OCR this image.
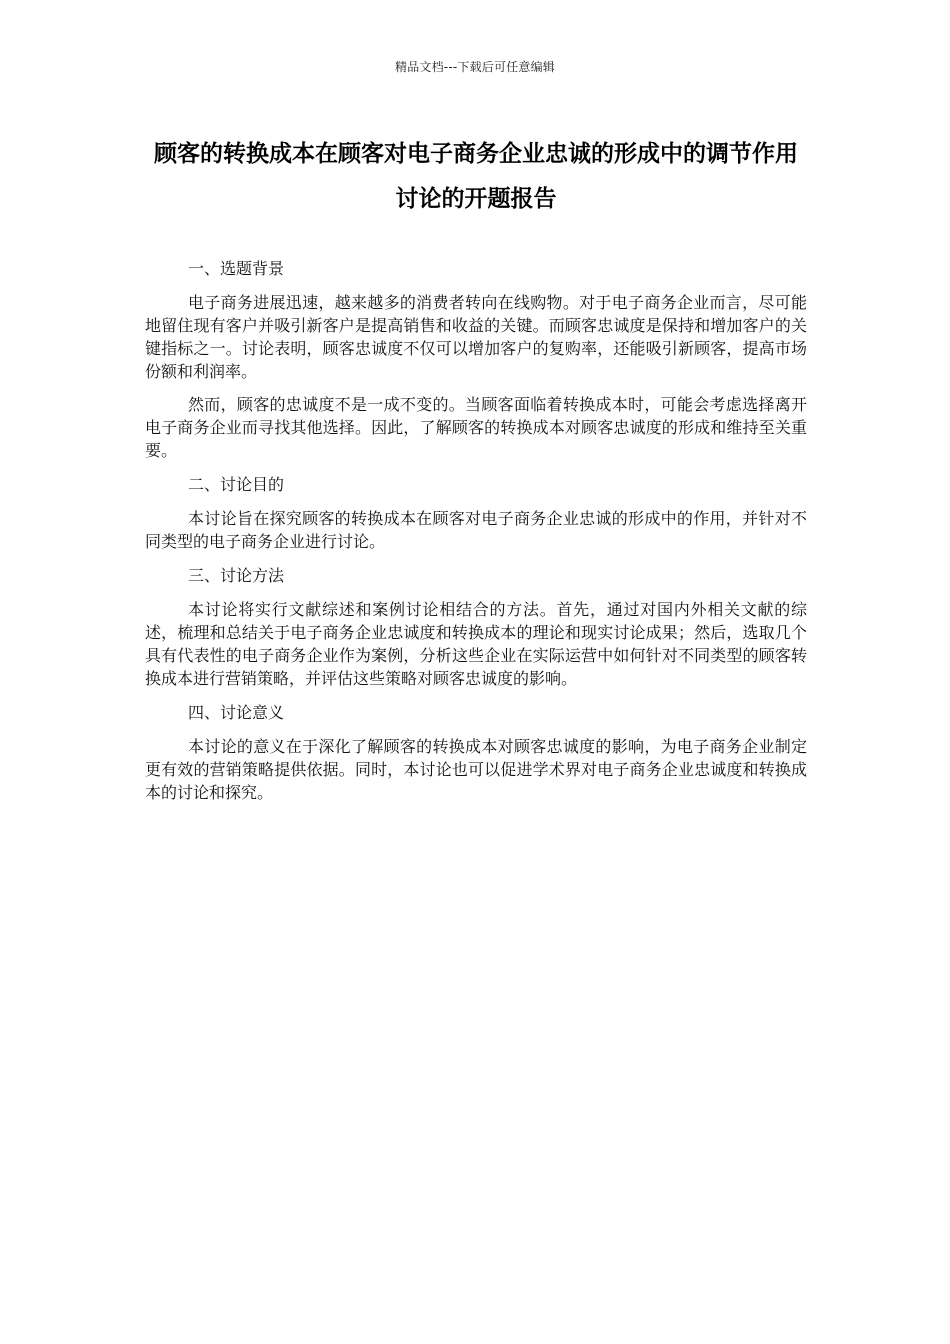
精品文档---下载后可任意编辑
顾客的转换成本在顾客对电子商务企业忠诚的形成中的调节作用讨论的开题报告

一、选题背景

电子商务进展迅速，越来越多的消费者转向在线购物。对于电子商务企业而言，尽可能地留住现有客户并吸引新客户是提高销售和收益的关键。而顾客忠诚度是保持和增加客户的关键指标之一。讨论表明，顾客忠诚度不仅可以增加客户的复购率，还能吸引新顾客，提高市场份额和利润率。

然而，顾客的忠诚度不是一成不变的。当顾客面临着转换成本时，可能会考虑选择离开电子商务企业而寻找其他选择。因此，了解顾客的转换成本对顾客忠诚度的形成和维持至关重要。

二、讨论目的

本讨论旨在探究顾客的转换成本在顾客对电子商务企业忠诚的形成中的作用，并针对不同类型的电子商务企业进行讨论。

三、讨论方法

本讨论将实行文献综述和案例讨论相结合的方法。首先，通过对国内外相关文献的综述，梳理和总结关于电子商务企业忠诚度和转换成本的理论和现实讨论成果；然后，选取几个具有代表性的电子商务企业作为案例，分析这些企业在实际运营中如何针对不同类型的顾客转换成本进行营销策略，并评估这些策略对顾客忠诚度的影响。

四、讨论意义

本讨论的意义在于深化了解顾客的转换成本对顾客忠诚度的影响，为电子商务企业制定更有效的营销策略提供依据。同时，本讨论也可以促进学术界对电子商务企业忠诚度和转换成本的讨论和探究。
